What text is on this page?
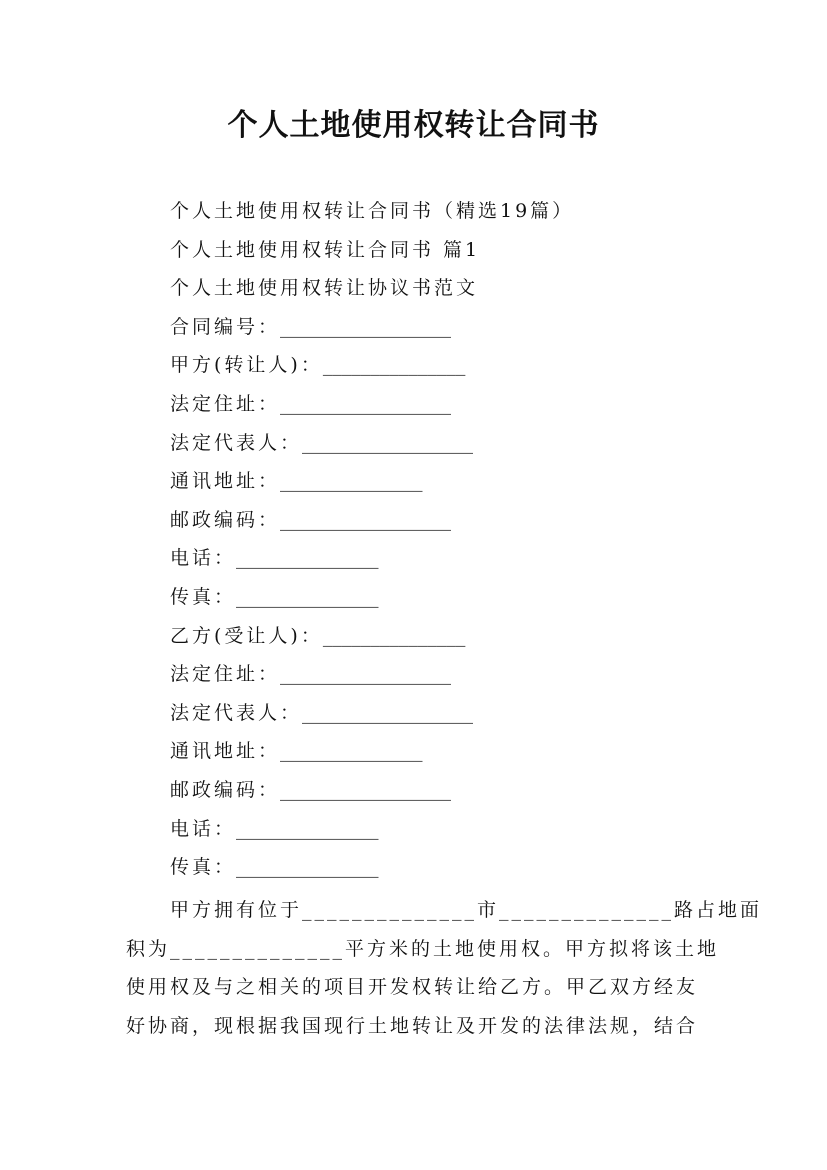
个人土地使用权转让合同书
个人土地使用权转让合同书（精选19篇）
个人土地使用权转让合同书 篇1
个人土地使用权转让协议书范文
合同编号：__________________
甲方(转让人)：_______________
法定住址：__________________
法定代表人：__________________
通讯地址：_______________
邮政编码：__________________
电话：_______________
传真：_______________
乙方(受让人)：_______________
法定住址：__________________
法定代表人：__________________
通讯地址：_______________
邮政编码：__________________
电话：_______________
传真：_______________
　　甲方拥有位于______________市______________路占地面
积为______________平方米的土地使用权。甲方拟将该土地
使用权及与之相关的项目开发权转让给乙方。甲乙双方经友
好协商，现根据我国现行土地转让及开发的法律法规，结合
